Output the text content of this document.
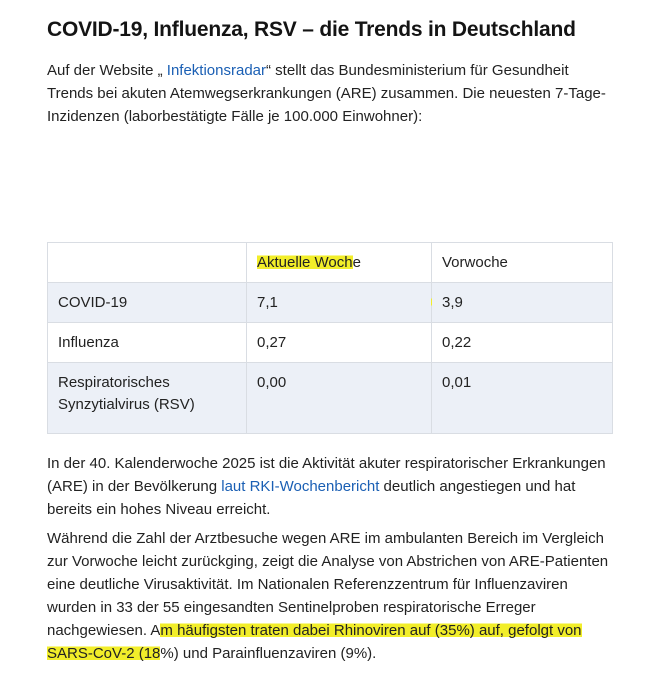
COVID-19, Influenza, RSV – die Trends in Deutschland

Auf der Website „ Infektionsradar“ stellt das Bundesministerium für Gesundheit Trends bei akuten Atemwegserkrankungen (ARE) zusammen. Die neuesten 7-Tage-Inzidenzen (laborbestätigte Fälle je 100.000 Einwohner):

	Aktuelle Woche	Vorwoche
COVID-19	7,1	3,9
Influenza	0,27	0,22
Respiratorisches
Synzytialvirus (RSV)	0,00	0,01

In der 40. Kalenderwoche 2025 ist die Aktivität akuter respiratorischer Erkrankungen (ARE) in der Bevölkerung laut RKI-Wochenbericht deutlich angestiegen und hat bereits ein hohes Niveau erreicht.

Während die Zahl der Arztbesuche wegen ARE im ambulanten Bereich im Vergleich zur Vorwoche leicht zurückging, zeigt die Analyse von Abstrichen von ARE-Patienten eine deutliche Virusaktivität. Im Nationalen Referenzzentrum für Influenzaviren wurden in 33 der 55 eingesandten Sentinelproben respiratorische Erreger nachgewiesen. Am häufigsten traten dabei Rhinoviren auf (35%) auf, gefolgt von SARS-CoV-2 (18%) und Parainfluenzaviren (9%).
